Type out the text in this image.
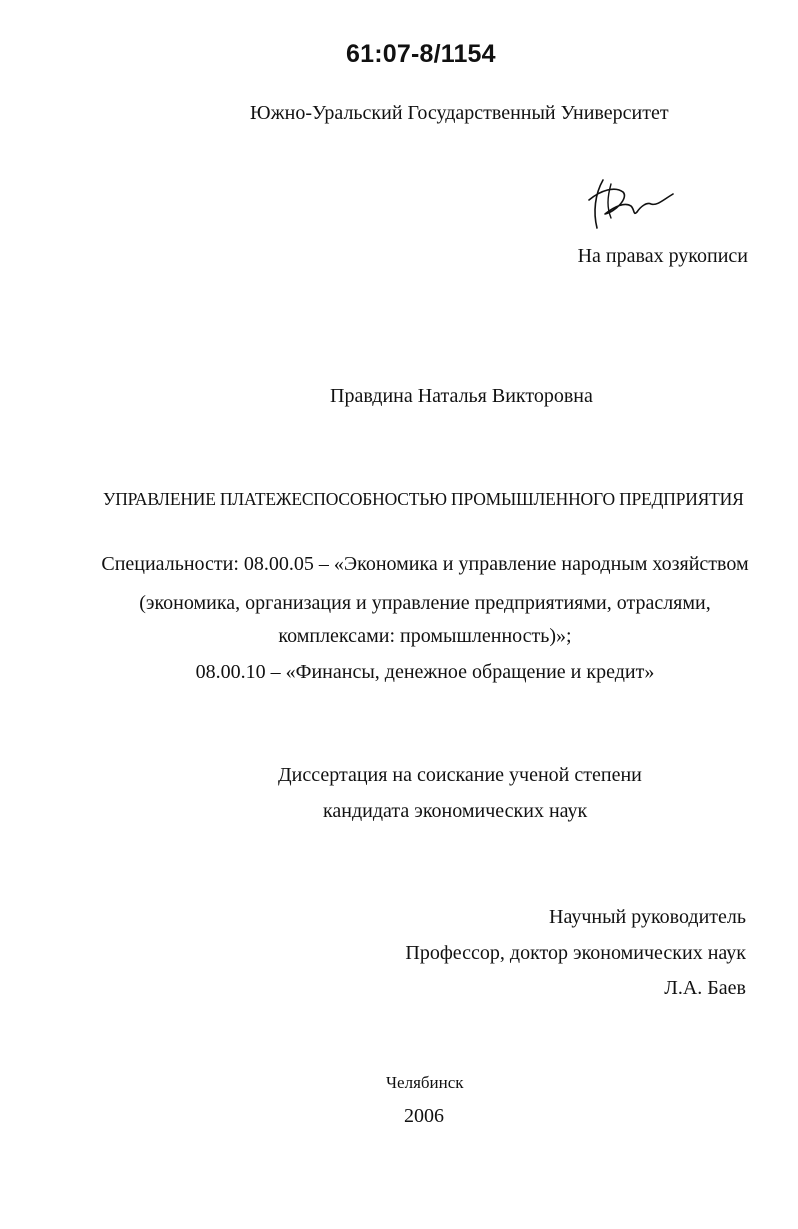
61:07-8/1154
Южно-Уральский Государственный Университет
На правах рукописи
Правдина Наталья Викторовна
УПРАВЛЕНИЕ ПЛАТЕЖЕСПОСОБНОСТЬЮ ПРОМЫШЛЕННОГО ПРЕДПРИЯТИЯ
Специальности: 08.00.05 – «Экономика и управление народным хозяйством
(экономика, организация и управление предприятиями, отраслями,
комплексами: промышленность)»;
08.00.10 – «Финансы, денежное обращение и кредит»
Диссертация на соискание ученой степени
кандидата экономических наук
Научный руководитель
Профессор, доктор экономических наук
Л.А. Баев
Челябинск
2006
